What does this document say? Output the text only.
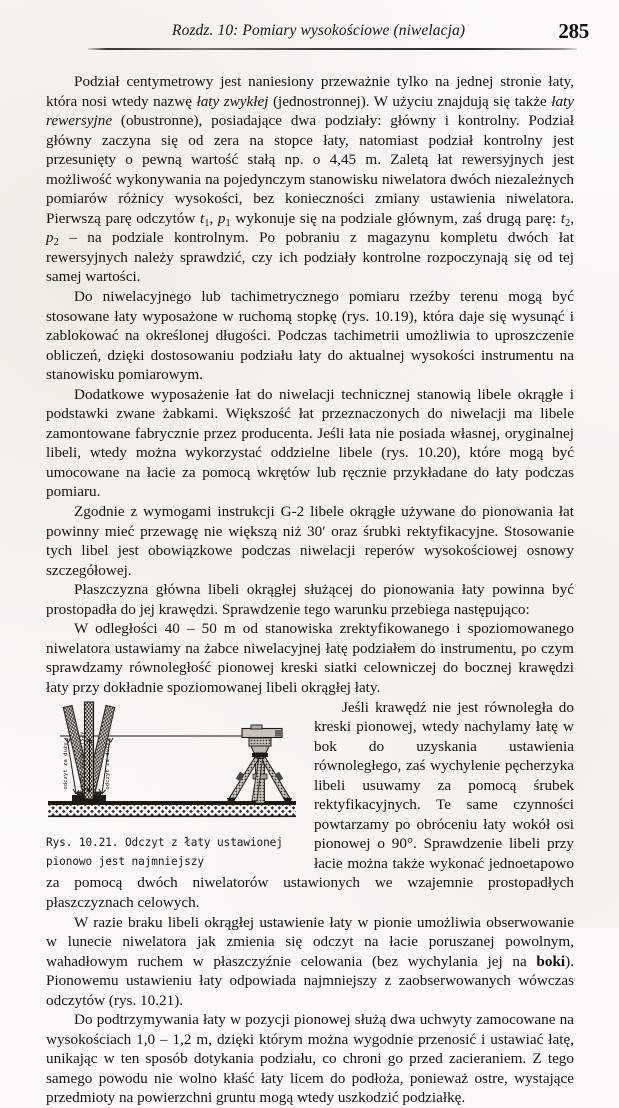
Rozdz. 10: Pomiary wysokościowe (niwelacja)	285

Podział centymetrowy jest naniesiony przeważnie tylko na jednej stronie łaty, która nosi wtedy nazwę łaty zwykłej (jednostronnej). W użyciu znajdują się także łaty rewersyjne (obustronne), posiadające dwa podziały: główny i kontrolny. Podział główny zaczyna się od zera na stopce łaty, natomiast podział kontrolny jest przesunięty o pewną wartość stałą np. o 4,45 m. Zaletą łat rewersyjnych jest możliwość wykonywania na pojedynczym stanowisku niwelatora dwóch niezależnych pomiarów różnicy wysokości, bez konieczności zmiany ustawienia niwelatora. Pierwszą parę odczytów $t_1$, $p_1$ wykonuje się na podziale głównym, zaś drugą parę: $t_2$, $p_2$ – na podziale kontrolnym. Po pobraniu z magazynu kompletu dwóch łat rewersyjnych należy sprawdzić, czy ich podziały kontrolne rozpoczynają się od tej samej wartości.

Do niwelacyjnego lub tachimetrycznego pomiaru rzeźby terenu mogą być stosowane łaty wyposażone w ruchomą stopkę (rys. 10.19), która daje się wysunąć i zablokować na określonej długości. Podczas tachimetrii umożliwia to uproszczenie obliczeń, dzięki dostosowaniu podziału łaty do aktualnej wysokości instrumentu na stanowisku pomiarowym.

Dodatkowe wyposażenie łat do niwelacji technicznej stanowią libele okrągłe i podstawki zwane żabkami. Większość łat przeznaczonych do niwelacji ma libele zamontowane fabrycznie przez producenta. Jeśli łata nie posiada własnej, oryginalnej libeli, wtedy można wykorzystać oddzielne libele (rys. 10.20), które mogą być umocowane na łacie za pomocą wkrętów lub ręcznie przykładane do łaty podczas pomiaru.

Zgodnie z wymogami instrukcji G-2 libele okrągłe używane do pionowania łat powinny mieć przewagę nie większą niż 30′ oraz śrubki rektyfikacyjne. Stosowanie tych libel jest obowiązkowe podczas niwelacji reperów wysokościowej osnowy szczegółowej.

Płaszczyzna główna libeli okrągłej służącej do pionowania łaty powinna być prostopadła do jej krawędzi. Sprawdzenie tego warunku przebiega następująco:

W odległości 40 – 50 m od stanowiska zrektyfikowanego i spoziomowanego niwelatora ustawiamy na żabce niwelacyjnej łatę podziałem do instrumentu, po czym sprawdzamy równoległość pionowej kreski siatki celowniczej do bocznej krawędzi łaty przy dokładnie spoziomowanej libeli okrągłej łaty.

odczyt za duży odczyt najmniejszy	odczyt za duży
Rys. 10.21. Odczyt z łaty ustawionej
pionowo jest najmniejszy
Jeśli krawędź nie jest równoległa do kreski pionowej, wtedy nachylamy łatę w bok do uzyskania ustawienia równoległego, zaś wychylenie pęcherzyka libeli usuwamy za pomocą śrubek rektyfikacyjnych. Te same czynności powtarzamy po obróceniu łaty wokół osi pionowej o 90°. Sprawdzenie libeli przy łacie można także wykonać jednoetapowo za pomocą dwóch niwelatorów ustawionych we wzajemnie prostopadłych płaszczyznach celowych.

W razie braku libeli okrągłej ustawienie łaty w pionie umożliwia obserwowanie w lunecie niwelatora jak zmienia się odczyt na łacie poruszanej powolnym, wahadłowym ruchem w płaszczyźnie celowania (bez wychylania jej na boki). Pionowemu ustawieniu łaty odpowiada najmniejszy z zaobserwowanych wówczas odczytów (rys. 10.21).

Do podtrzymywania łaty w pozycji pionowej służą dwa uchwyty zamocowane na wysokościach 1,0 – 1,2 m, dzięki którym można wygodnie przenosić i ustawiać łatę, unikając w ten sposób dotykania podziału, co chroni go przed zacieraniem. Z tego samego powodu nie wolno kłaść łaty licem do podłoża, ponieważ ostre, wystające przedmioty na powierzchni gruntu mogą wtedy uszkodzić podziałkę.
